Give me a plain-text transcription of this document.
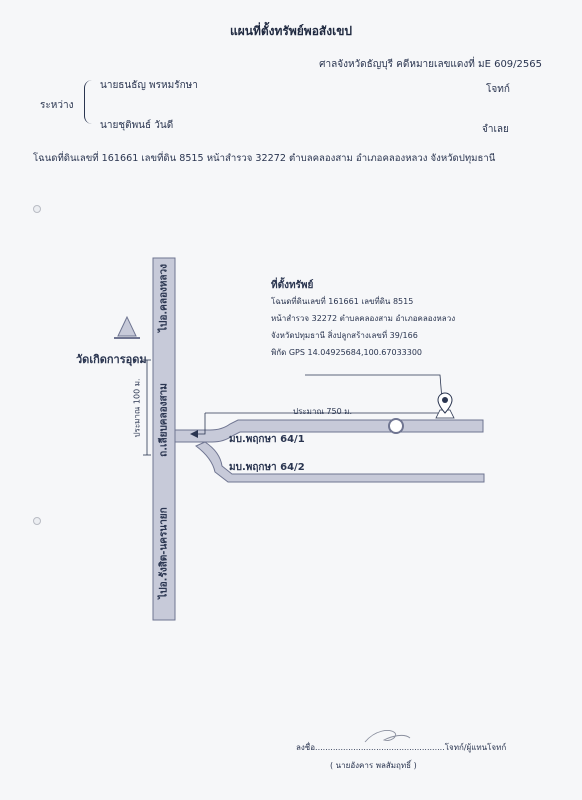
แผนที่ตั้งทรัพย์พอสังเขป
ศาลจังหวัดธัญบุรี คดีหมายเลขแดงที่ มE 609/2565
ระหว่าง
นายธนธัญ พรหมรักษา	โจทก์
นายชุติพนธ์ วันดี	จำเลย
โฉนดที่ดินเลขที่ 161661 เลขที่ดิน 8515 หน้าสำรวจ 32272 ตำบลคลองสาม อำเภอคลองหลวง จังหวัดปทุมธานี
วัดเกิดการอุดม
ไปอ.คลองหลวง
ถ.เลียบคลองสาม
ไปอ.รังสิต-นครนายก
ประมาณ 100 ม.	ประมาณ 750 ม.
มบ.พฤกษา 64/1
มบ.พฤกษา 64/2
ที่ตั้งทรัพย์
โฉนดที่ดินเลขที่ 161661 เลขที่ดิน 8515
หน้าสำรวจ 32272 ตำบลคลองสาม อำเภอคลองหลวง
จังหวัดปทุมธานี สิ่งปลูกสร้างเลขที่ 39/166
พิกัด GPS 14.04925684,100.67033300
ลงชื่อ...................................................โจทก์/ผู้แทนโจทก์
( นายอังคาร พลสัมฤทธิ์ )
